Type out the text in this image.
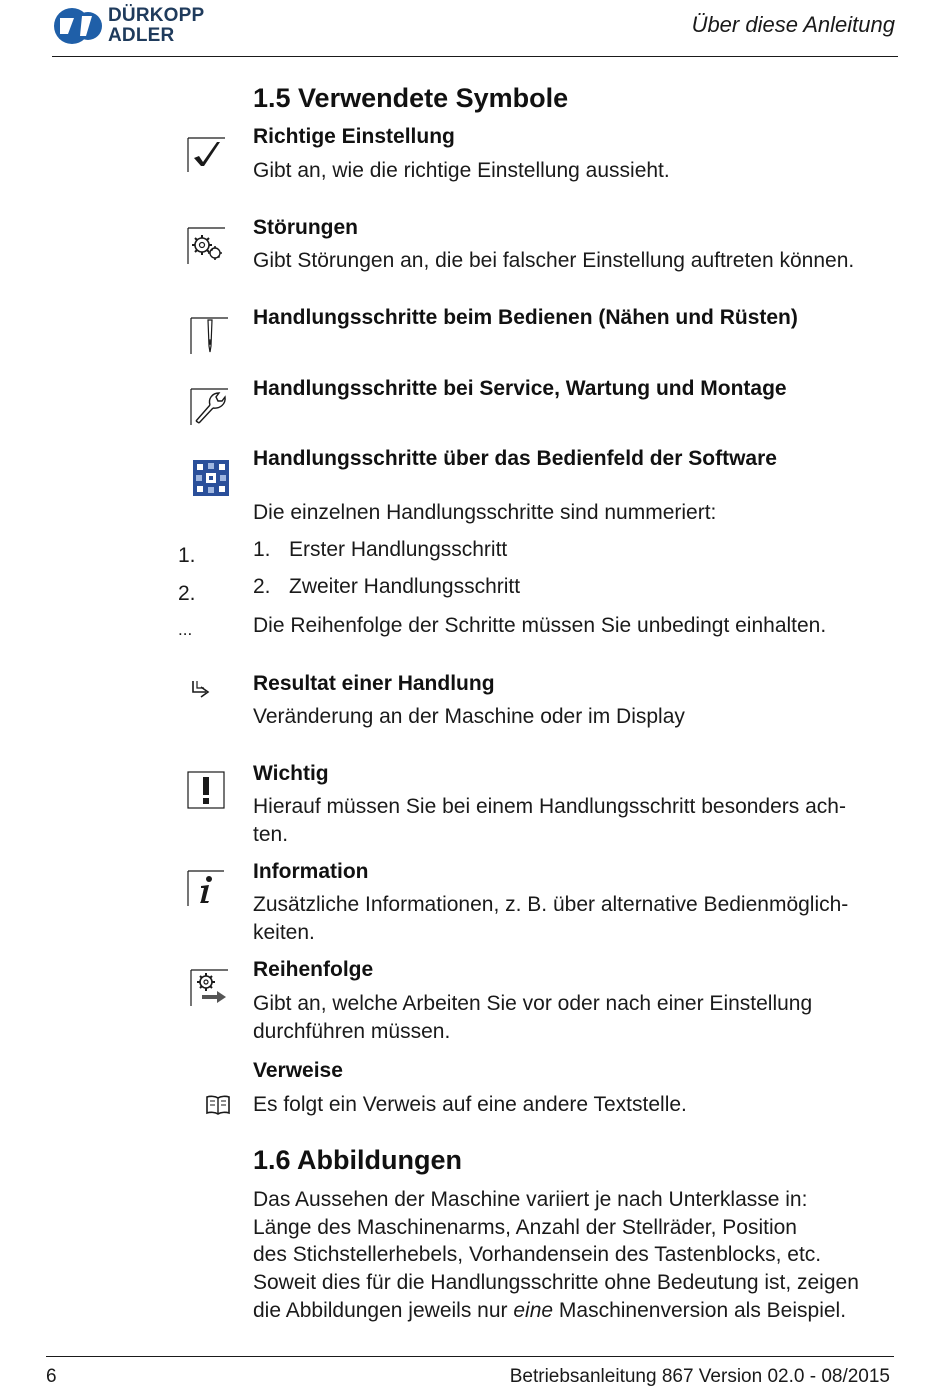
DÜRKOPP
ADLER	Über diese Anleitung
1.5 Verwendete Symbole
Richtige Einstellung
Gibt an, wie die richtige Einstellung aussieht.
Störungen
Gibt Störungen an, die bei falscher Einstellung auftreten können.
Handlungsschritte beim Bedienen (Nähen und Rüsten)
Handlungsschritte bei Service, Wartung und Montage
Handlungsschritte über das Bedienfeld der Software
Die einzelnen Handlungsschritte sind nummeriert:
1.
2.
...
1. Erster Handlungsschritt
2. Zweiter Handlungsschritt
Die Reihenfolge der Schritte müssen Sie unbedingt einhalten.
Resultat einer Handlung
Veränderung an der Maschine oder im Display
Wichtig
Hierauf müssen Sie bei einem Handlungsschritt besonders ach-
ten.
Information
Zusätzliche Informationen, z. B. über alternative Bedienmöglich-
keiten.
Reihenfolge
Gibt an, welche Arbeiten Sie vor oder nach einer Einstellung
durchführen müssen.
Verweise
Es folgt ein Verweis auf eine andere Textstelle.
1.6 Abbildungen
Das Aussehen der Maschine variiert je nach Unterklasse in:
Länge des Maschinenarms, Anzahl der Stellräder, Position
des Stichstellerhebels, Vorhandensein des Tastenblocks, etc.
Soweit dies für die Handlungsschritte ohne Bedeutung ist, zeigen
die Abbildungen jeweils nur eine Maschinenversion als Beispiel.
6	Betriebsanleitung 867 Version 02.0 - 08/2015
